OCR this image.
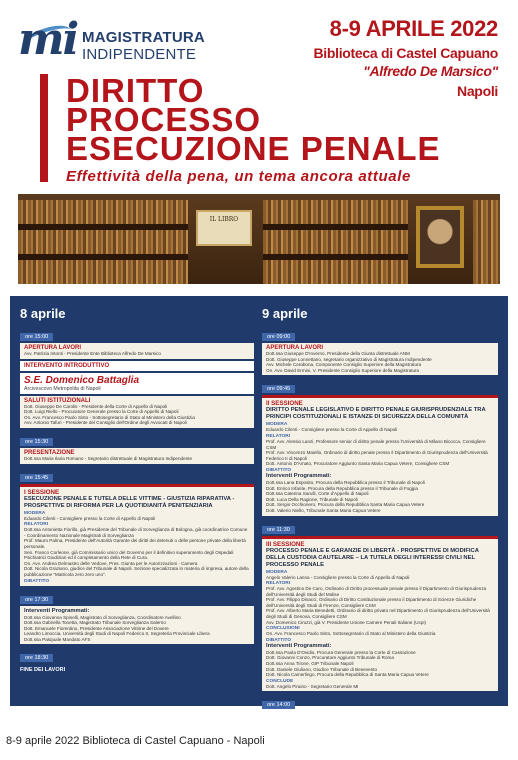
mi MAGISTRATURA
INDIPENDENTE
8-9 APRILE 2022
Biblioteca di Castel Capuano
"Alfredo De Marsico"
Napoli
DIRITTO
PROCESSO
ESECUZIONE PENALE
Effettività della pena, un tema ancora attuale
IL LIBRO
8 aprile
ore 15:00
APERTURA LAVORI
Avv. Patrizia Intonti - Presidente Ente Biblioteca Alfredo De Marsico
INTERVENTO INTRODUTTIVO
S.E. Domenico Battaglia
Arcivescovo Metropolita di Napoli
SALUTI ISTITUZIONALI
Dott. Giuseppe De Carolis - Presidente della Corte di Appello di Napoli
Dott. Luigi Riello - Procuratore Generale presso la Corte di Appello di Napoli
On. Avv. Francesco Paolo Sisto - Sottosegretario di Stato al Ministero della Giustizia
Avv. Antonio Tafuri - Presidente del Consiglio dell'Ordine degli Avvocati di Napoli
ore 15:30
PRESENTAZIONE
Dott.ssa Maria Ilaria Romano - Segretario distrettuale di Magistratura Indipendente
ore 15:45
I SESSIONE
ESECUZIONE PENALE E TUTELA DELLE VITTIME - GIUSTIZIA RIPARATIVA - PROSPETTIVE DI RIFORMA PER LA QUOTIDIANITÀ PENITENZIARIA
MODERA
Eduardo Cilenti - Consigliere presso la Corte di Appello di Napoli
RELATORI
Dott.ssa Antonietta Fiorillo, già Presidente del Tribunale di Sorveglianza di Bologna, già coordinatrice Comune - Coordinamento Nazionale Magistrati di Sorveglianza
Prof. Mauro Palma, Presidente dell'Autorità Garante dei diritti dei detenuti o delle persone private della libertà personale.
Sen. Franco Corleone, già Commissario unico del Governo per il definitivo superamento degli Ospedali Psichiatrici Giudiziari ed il completamento della Rete di Cura.
On. Avv. Andrea Delmastro delle Vedove, Pres. Giunta per le Autorizzazioni - Camera
Dott. Nicola Graziano, giudice del Tribunale di Napoli. Sezione specializzata in materia di impresa, autore della pubblicazione "Matricola zero zero uno".
DIBATTITO
ore 17:30
Interventi Programmati:
Dott.ssa Giovanna Spinelli, Magistrato di Sorveglianza, Coordinatore Avellino
Dott.ssa Gabriella Tonetta, Magistrato Tribunale Sorveglianza Salerno
Dott. Emanuele Fiorentino, Presidente Associazione Vittime del Dovere
Leandro Limoccia, Università degli Studi di Napoli Federico II, Segreteria Provinciale Libera
Dott.ssa Pasquale Mandato AFS
ore 18:30
FINE DEI LAVORI
9 aprile
ore 09:00
APERTURA LAVORI
Dott.ssa Giuseppe D'Inverno, Presidente della Giunta distrettuale ANM
Dott. Giuseppe Lonnettano, segretario organizzativo di Magistratura Indipendente
Avv. Michele Cerabona, Componente Consiglio Superiore della Magistratura
On. Avv. David Ermini, V. Presidente Consiglio Superiore della Magistratura
ore 09:45
II SESSIONE
DIRITTO PENALE LEGISLATIVO E DIRITTO PENALE GIURISPRUDENZIALE TRA PRINCIPI COSTITUZIONALI E ISTANZE DI SICUREZZA DELLA COMUNITÀ
MODERA
Eduardo Cilenti - Consigliere presso la Corte di Appello di Napoli
RELATORI
Prof. Avv. Alessio Lanzi, Professore senior di diritto penale presso l'Università di Milano Bicocca, Consigliere CSM
Prof. Avv. Vincenzo Maiello, Ordinario di diritto penale presso il Dipartimento di Giurisprudenza dell'Università Federico II di Napoli
Dott. Antonio D'Amato, Procuratore Aggiunto Santa Maria Capua Vetere, Consigliere CSM
DIBATTITO
Interventi Programmati:
Dott.ssa Lana Esposito, Procura della Repubblica presso il Tribunale di Napoli
Dott. Enrico Infante, Procura della Repubblica presso il Tribunale di Foggia
Dott.ssa Caterina Sarulli, Corte d'Appello di Napoli
Dott. Luca Della Ragione, Tribunale di Napoli
Dott. Sergio Occhionero, Procura della Repubblica Santa Maria Capua Vetere
Dott. Valerio Niello, Tribunale Santa Maria Capua Vetere
ore 11:30
III SESSIONE
PROCESSO PENALE E GARANZIE DI LIBERTÀ - PROSPETTIVE DI MODIFICA DELLA CUSTODIA CAUTELARE – LA TUTELA DEGLI INTERESSI CIVILI NEL PROCESSO PENALE
MODERA
Angelo Valerio Lanna - Consigliere presso la Corte di Appello di Napoli
RELATORI
Prof. Avv. Agostino De Caro, Ordinario di Diritto processuale penale presso il Dipartimento di Giurisprudenza dell'Università degli Studi del Molise
Prof. Avv. Filippo Dinacci, Ordinario di Diritto Costituzionale presso il Dipartimento di Scienze Giuridiche dell'Università degli Studi di Firenze, Consigliere CSM
Prof. Avv. Alberto Maria Benedetti, Ordinario di diritto privato nel Dipartimento di Giurisprudenza dell'Università degli Studi di Genova, Consigliere CSM
Avv. Domenico Ciruzzi, già V. Presidente Unione Camere Penali Italiane (Ucpi)
CONCLUSIONI
On. Avv. Francesco Paolo Sisto, Sottosegretario di Stato al Ministero della Giustizia
DIBATTITO
Interventi Programmati:
Dott.ssa Paola D'Ovidio, Procura Generale presso la Corte di Cassazione
Dott. Giovanni Conzo, Procuratore Aggiunto Tribunale di Roma
Dott.ssa Anna Tirone, GIP Tribunale Napoli
Dott. Daniele Giuliano, Giudice Tribunale di Benevento
Dott. Nicola Camerlingo, Procura della Repubblica di Santa Maria Capua Vetere
CONCLUDE
Dott. Angelo Piraino - Segretario Generale MI
ore 14:00
FINE DEI LAVORI
8-9 aprile 2022 Biblioteca di Castel Capuano - Napoli
